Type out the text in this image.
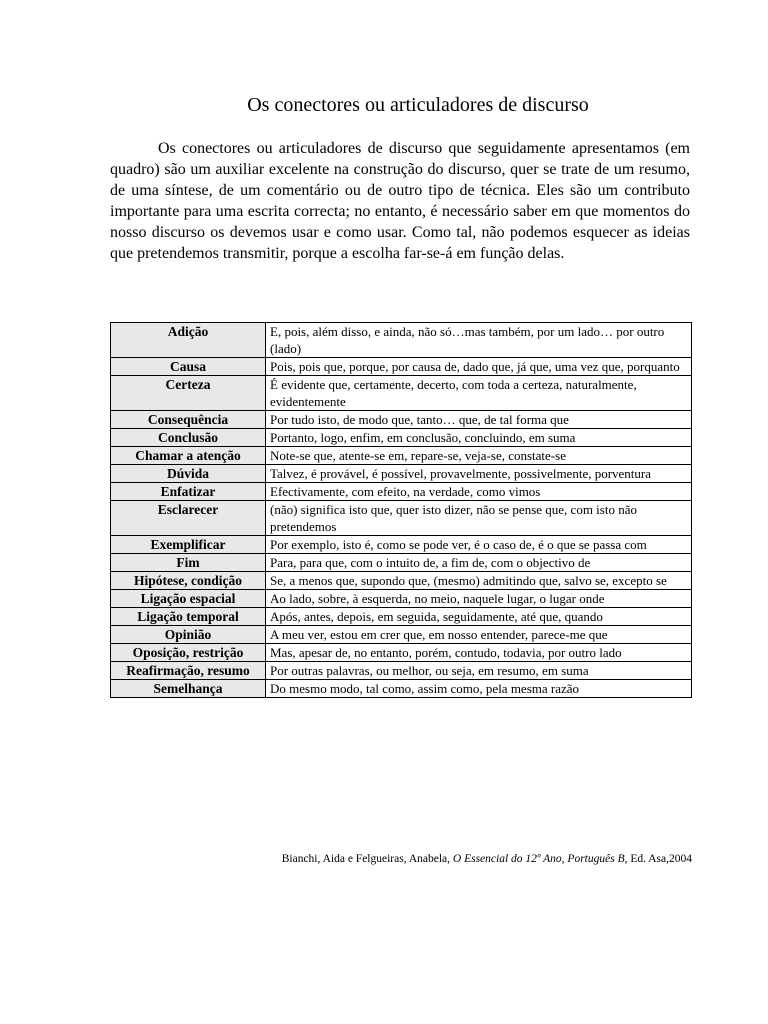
Os conectores ou articuladores de discurso

Os conectores ou articuladores de discurso que seguidamente apresentamos (em quadro) são um auxiliar excelente na construção do discurso, quer se trate de um resumo, de uma síntese, de um comentário ou de outro tipo de técnica. Eles são um contributo importante para uma escrita correcta; no entanto, é necessário saber em que momentos do nosso discurso os devemos usar e como usar. Como tal, não podemos esquecer as ideias que pretendemos transmitir, porque a escolha far-se-á em função delas.

Adição	E, pois, além disso, e ainda, não só…mas também, por um lado… por outro (lado)
Causa	Pois, pois que, porque, por causa de, dado que, já que, uma vez que, porquanto
Certeza	É evidente que, certamente, decerto, com toda a certeza, naturalmente, evidentemente
Consequência	Por tudo isto, de modo que, tanto… que, de tal forma que
Conclusão	Portanto, logo, enfim, em conclusão, concluindo, em suma
Chamar a atenção	Note-se que, atente-se em, repare-se, veja-se, constate-se
Dúvida	Talvez, é provável, é possível, provavelmente, possivelmente, porventura
Enfatizar	Efectivamente, com efeito, na verdade, como vimos
Esclarecer	(não) significa isto que, quer isto dizer, não se pense que, com isto não pretendemos
Exemplificar	Por exemplo, isto é, como se pode ver, é o caso de, é o que se passa com
Fim	Para, para que, com o intuito de, a fim de, com o objectivo de
Hipótese, condição	Se, a menos que, supondo que, (mesmo) admitindo que, salvo se, excepto se
Ligação espacial	Ao lado, sobre, à esquerda, no meio, naquele lugar, o lugar onde
Ligação temporal	Após, antes, depois, em seguida, seguidamente, até que, quando
Opinião	A meu ver, estou em crer que, em nosso entender, parece-me que
Oposição, restrição	Mas, apesar de, no entanto, porém, contudo, todavia, por outro lado
Reafirmação, resumo	Por outras palavras, ou melhor, ou seja, em resumo, em suma
Semelhança	Do mesmo modo, tal como, assim como, pela mesma razão
Bianchi, Aida e Felgueiras, Anabela, O Essencial do 12º Ano, Português B, Ed. Asa,2004
